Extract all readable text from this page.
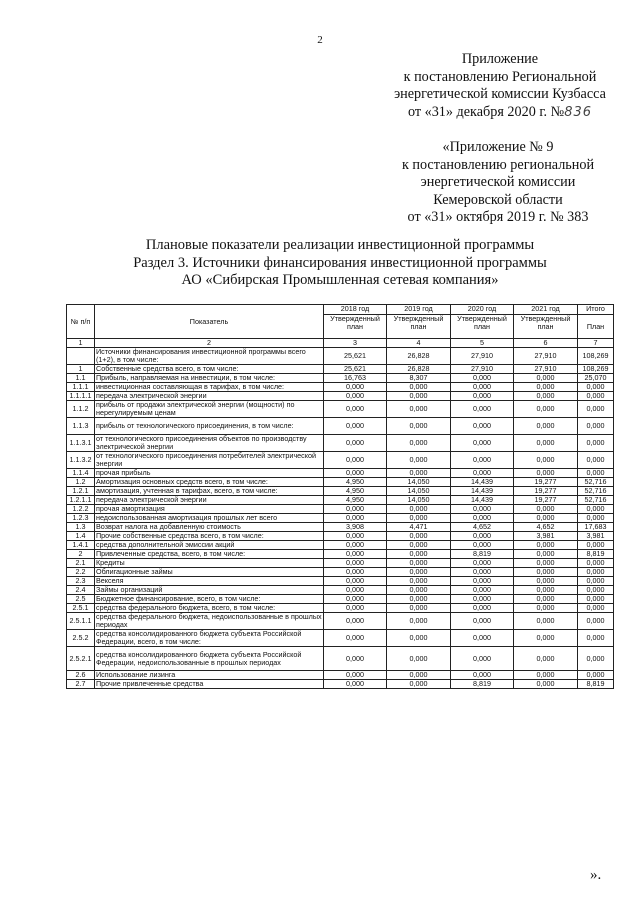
2
Приложение
к постановлению Региональной
энергетической комиссии Кузбасса
от «31» декабря 2020 г. №836
«Приложение № 9
к постановлению региональной
энергетической комиссии
Кемеровской области
от «31» октября 2019 г. № 383
Плановые показатели реализации инвестиционной программы
Раздел 3. Источники финансирования инвестиционной программы
АО «Сибирская Промышленная сетевая компания»
№ п/п	Показатель	2018 год	2019 год	2020 год	2021 год	Итого
		Утвержденный план	Утвержденный план	Утвержденный план	Утвержденный план	План
1	2	3	4	5	6	7
	Источники финансирования инвестиционной программы всего (1+2), в том числе:	25,621	26,828	27,910	27,910	108,269
1	Собственные средства всего, в том числе:	25,621	26,828	27,910	27,910	108,269
1.1	Прибыль, направляемая на инвестиции, в том числе:	16,763	8,307	0,000	0,000	25,070
1.1.1	инвестиционная составляющая в тарифах, в том числе:	0,000	0,000	0,000	0,000	0,000
1.1.1.1	передача электрической энергии	0,000	0,000	0,000	0,000	0,000
1.1.2	прибыль от продажи электрической энергии (мощности) по нерегулируемым ценам	0,000	0,000	0,000	0,000	0,000
1.1.3	прибыль от технологического присоединения, в том числе:	0,000	0,000	0,000	0,000	0,000
1.1.3.1	от технологического присоединения объектов по производству электрической энергии	0,000	0,000	0,000	0,000	0,000
1.1.3.2	от технологического присоединения потребителей электрической энергии	0,000	0,000	0,000	0,000	0,000
1.1.4	прочая прибыль	0,000	0,000	0,000	0,000	0,000
1.2	Амортизация основных средств всего, в том числе:	4,950	14,050	14,439	19,277	52,716
1.2.1	амортизация, учтенная в тарифах, всего, в том числе:	4,950	14,050	14,439	19,277	52,716
1.2.1.1	передача электрической энергии	4,950	14,050	14,439	19,277	52,716
1.2.2	прочая амортизация	0,000	0,000	0,000	0,000	0,000
1.2.3	недоиспользованная амортизация прошлых лет всего	0,000	0,000	0,000	0,000	0,000
1.3	Возврат налога на добавленную стоимость	3,908	4,471	4,652	4,652	17,683
1.4	Прочие собственные средства всего, в том числе:	0,000	0,000	0,000	3,981	3,981
1.4.1	средства дополнительной эмиссии акций	0,000	0,000	0,000	0,000	0,000
2	Привлеченные средства, всего, в том числе:	0,000	0,000	8,819	0,000	8,819
2.1	Кредиты	0,000	0,000	0,000	0,000	0,000
2.2	Облигационные займы	0,000	0,000	0,000	0,000	0,000
2.3	Векселя	0,000	0,000	0,000	0,000	0,000
2.4	Займы организаций	0,000	0,000	0,000	0,000	0,000
2.5	Бюджетное финансирование, всего, в том числе:	0,000	0,000	0,000	0,000	0,000
2.5.1	средства федерального бюджета, всего, в том числе:	0,000	0,000	0,000	0,000	0,000
2.5.1.1	средства федерального бюджета, недоиспользованные в прошлых периодах	0,000	0,000	0,000	0,000	0,000
2.5.2	средства консолидированного бюджета субъекта Российской Федерации, всего, в том числе:	0,000	0,000	0,000	0,000	0,000
2.5.2.1	средства консолидированного бюджета субъекта Российской Федерации, недоиспользованные в прошлых периодах	0,000	0,000	0,000	0,000	0,000
2.6	Использование лизинга	0,000	0,000	0,000	0,000	0,000
2.7	Прочие привлеченные средства	0,000	0,000	8,819	0,000	8,819
».
